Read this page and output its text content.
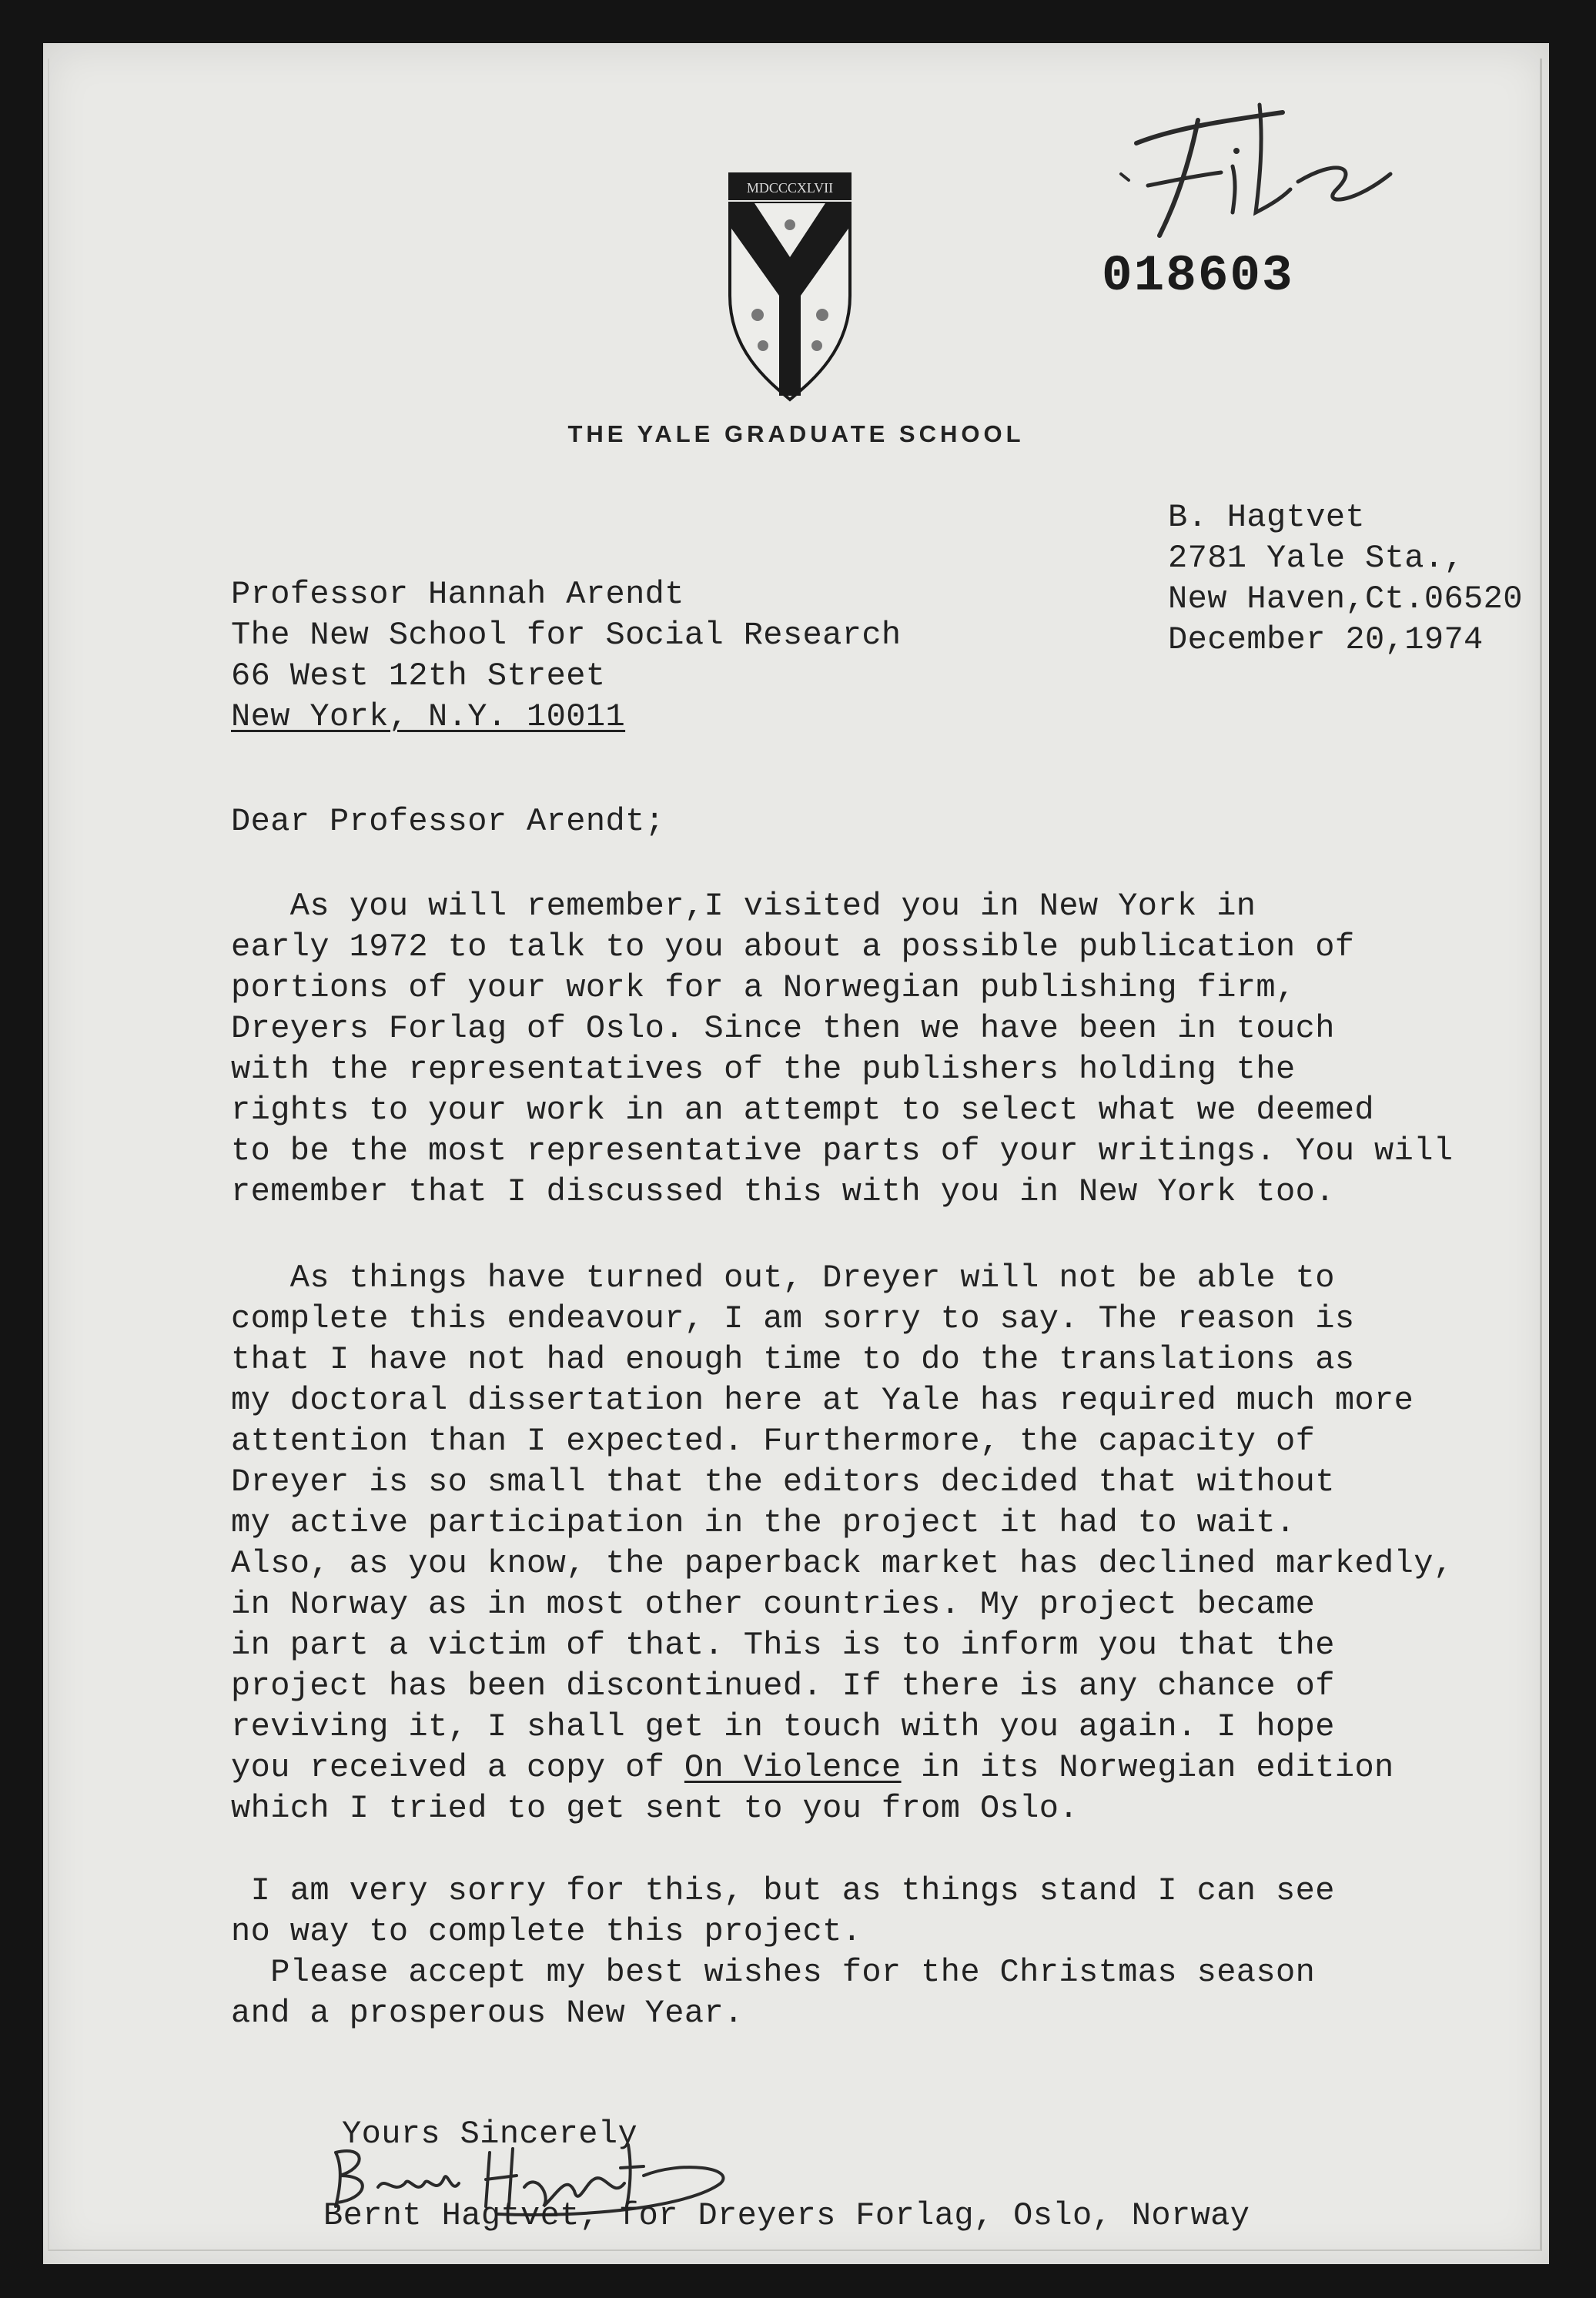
018603
MDCCCXLVII
THE YALE GRADUATE SCHOOL
B. Hagtvet
2781 Yale Sta.,
New Haven,Ct.06520
December 20,1974
Professor Hannah Arendt
The New School for Social Research
66 West 12th Street
New York, N.Y. 10011
Dear Professor Arendt;
As you will remember,I visited you in New York in
early 1972 to talk to you about a possible publication of
portions of your work for a Norwegian publishing firm,
Dreyers Forlag of Oslo. Since then we have been in touch
with the representatives of the publishers holding the
rights to your work in an attempt to select what we deemed
to be the most representative parts of your writings. You will
remember that I discussed this with you in New York too.
As things have turned out, Dreyer will not be able to
complete this endeavour, I am sorry to say. The reason is
that I have not had enough time to do the translations as
my doctoral dissertation here at Yale has required much more
attention than I expected. Furthermore, the capacity of
Dreyer is so small that the editors decided that without
my active participation in the project it had to wait.
Also, as you know, the paperback market has declined markedly,
in Norway as in most other countries. My project became
in part a victim of that. This is to inform you that the
project has been discontinued. If there is any chance of
reviving it, I shall get in touch with you again. I hope
you received a copy of On Violence in its Norwegian edition
which I tried to get sent to you from Oslo.
I am very sorry for this, but as things stand I can see
no way to complete this project.
Please accept my best wishes for the Christmas season
and a prosperous New Year.
Yours Sincerely
Bernt Hagtvet, for Dreyers Forlag, Oslo, Norway
